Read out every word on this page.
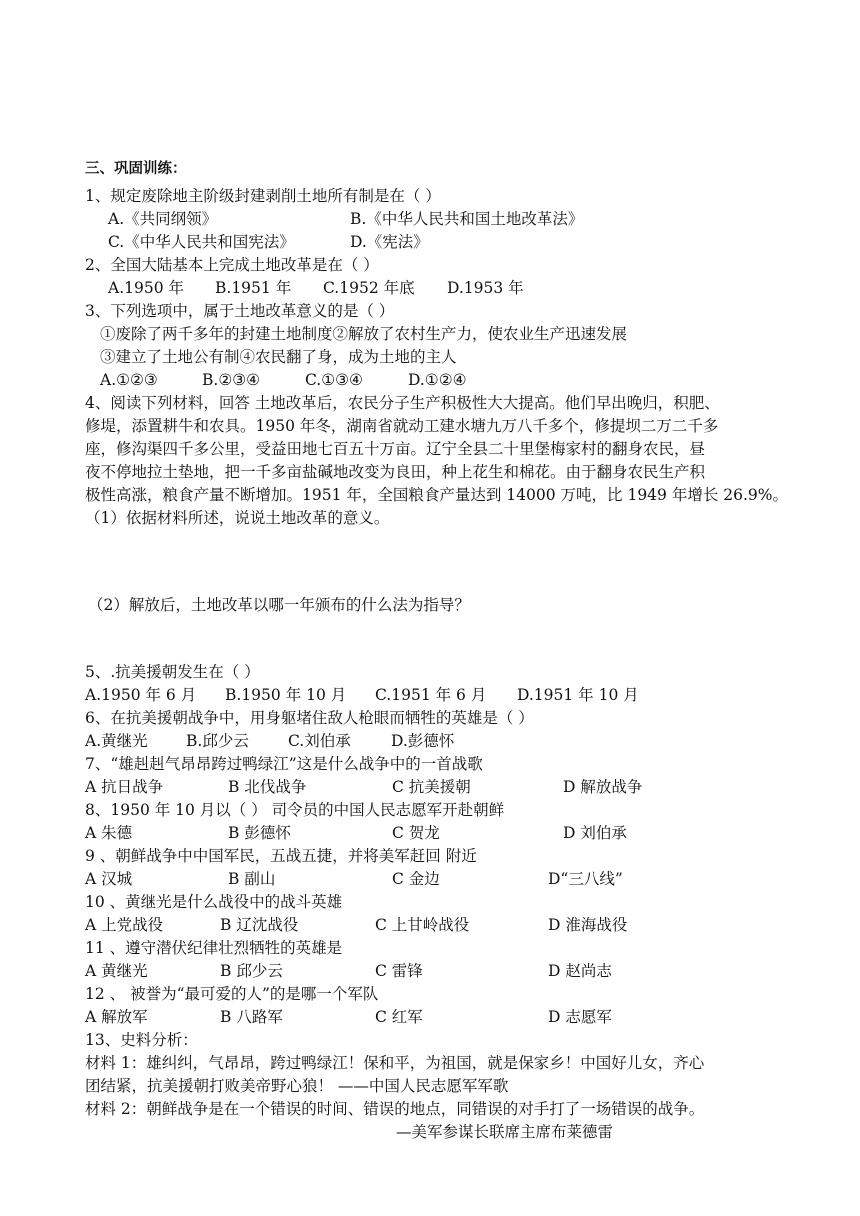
三、巩固训练：
1、规定废除地主阶级封建剥削土地所有制是在（ ）
A.《共同纲领》	B.《中华人民共和国土地改革法》
C.《中华人民共和国宪法》	D.《宪法》
2、全国大陆基本上完成土地改革是在（ ）
A.1950 年 B.1951 年 C.1952 年底 D.1953 年
3、下列选项中，属于土地改革意义的是（ ）
①废除了两千多年的封建土地制度②解放了农村生产力，使农业生产迅速发展
③建立了土地公有制④农民翻了身，成为土地的主人
A.①②③	B.②③④	C.①③④	D.①②④
4、阅读下列材料，回答 土地改革后，农民分子生产积极性大大提高。他们早出晚归，积肥、
修堤，添置耕牛和农具。1950 年冬，湖南省就动工建水塘九万八千多个，修提坝二万二千多
座，修沟渠四千多公里，受益田地七百五十万亩。辽宁全县二十里堡梅家村的翻身农民，昼
夜不停地拉土垫地，把一千多亩盐碱地改变为良田，种上花生和棉花。由于翻身农民生产积
极性高涨，粮食产量不断增加。1951 年，全国粮食产量达到 14000 万吨，比 1949 年增长 26.9%。
（1）依据材料所述，说说土地改革的意义。
（2）解放后，土地改革以哪一年颁布的什么法为指导？
5、.抗美援朝发生在（ ）
A.1950 年 6 月 B.1950 年 10 月 C.1951 年 6 月 D.1951 年 10 月
6、在抗美援朝战争中，用身躯堵住敌人枪眼而牺牲的英雄是（ ）
A.黄继光 B.邱少云	C.刘伯承	D.彭德怀
7、“雄赳赳气昂昂跨过鸭绿江”这是什么战争中的一首战歌
A 抗日战争	B 北伐战争	C 抗美援朝	D 解放战争
8、1950 年 10 月以（ ） 司令员的中国人民志愿军开赴朝鲜
A 朱德	B 彭德怀	C 贺龙	D 刘伯承
9 、朝鲜战争中中国军民，五战五捷，并将美军赶回 附近
A 汉城	B 副山	C 金边	D“三八线”
10 、黄继光是什么战役中的战斗英雄
A 上党战役	B 辽沈战役	C 上甘岭战役	D 淮海战役
11 、遵守潜伏纪律壮烈牺牲的英雄是
A 黄继光	B 邱少云	C 雷锋	D 赵尚志
12 、 被誉为“最可爱的人”的是哪一个军队
A 解放军	B 八路军	C 红军	D 志愿军
13、史料分析：
材料 1：雄纠纠，气昂昂，跨过鸭绿江！保和平，为祖国，就是保家乡！中国好儿女，齐心
团结紧，抗美援朝打败美帝野心狼！ ——中国人民志愿军军歌
材料 2：朝鲜战争是在一个错误的时间、错误的地点，同错误的对手打了一场错误的战争。
—美军参谋长联席主席布莱德雷
